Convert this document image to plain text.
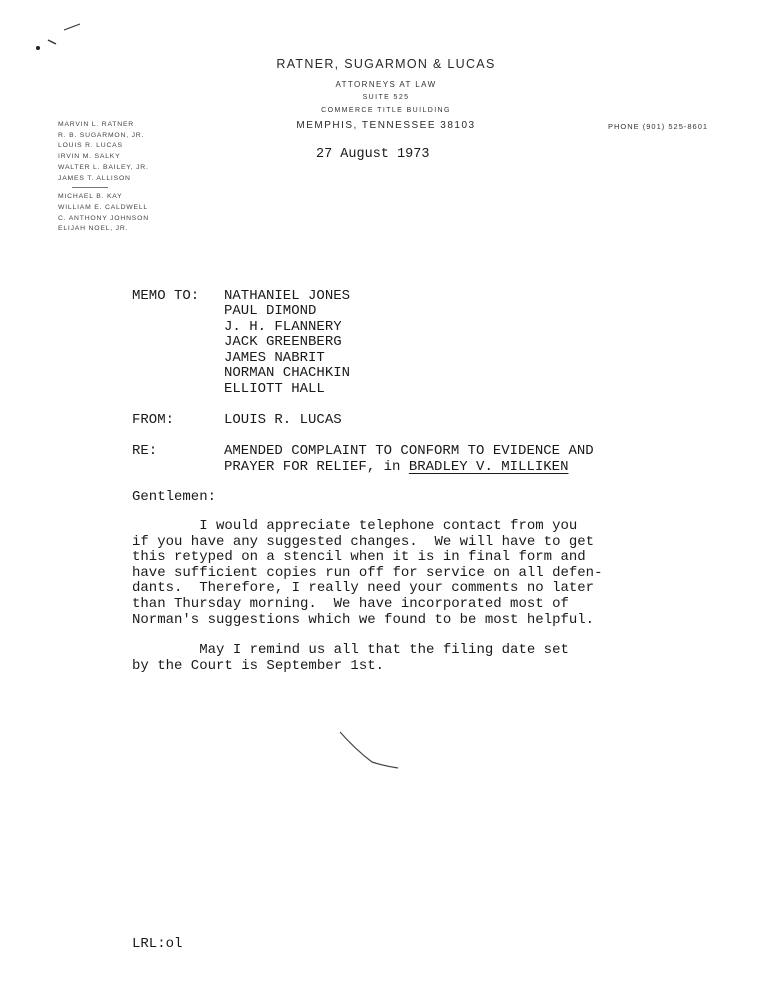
RATNER, SUGARMON & LUCAS
ATTORNEYS AT LAW
SUITE 525
COMMERCE TITLE BUILDING
MEMPHIS, TENNESSEE 38103	PHONE (901) 525-8601
MARVIN L. RATNER
R. B. SUGARMON, JR.
LOUIS R. LUCAS
IRVIN M. SALKY
WALTER L. BAILEY, JR.
JAMES T. ALLISON
MICHAEL B. KAY
WILLIAM E. CALDWELL
C. ANTHONY JOHNSON
ELIJAH NOEL, JR.
27 August 1973
MEMO TO: NATHANIEL JONES
PAUL DIMOND
J. H. FLANNERY
JACK GREENBERG
JAMES NABRIT
NORMAN CHACHKIN
ELLIOTT HALL
FROM:	LOUIS R. LUCAS
RE:	AMENDED COMPLAINT TO CONFORM TO EVIDENCE AND
PRAYER FOR RELIEF, in BRADLEY V. MILLIKEN
Gentlemen:
I would appreciate telephone contact from you
if you have any suggested changes.  We will have to get
this retyped on a stencil when it is in final form and
have sufficient copies run off for service on all defen-
dants.  Therefore, I really need your comments no later
than Thursday morning.  We have incorporated most of
Norman's suggestions which we found to be most helpful.
May I remind us all that the filing date set
by the Court is September 1st.
LRL:ol
